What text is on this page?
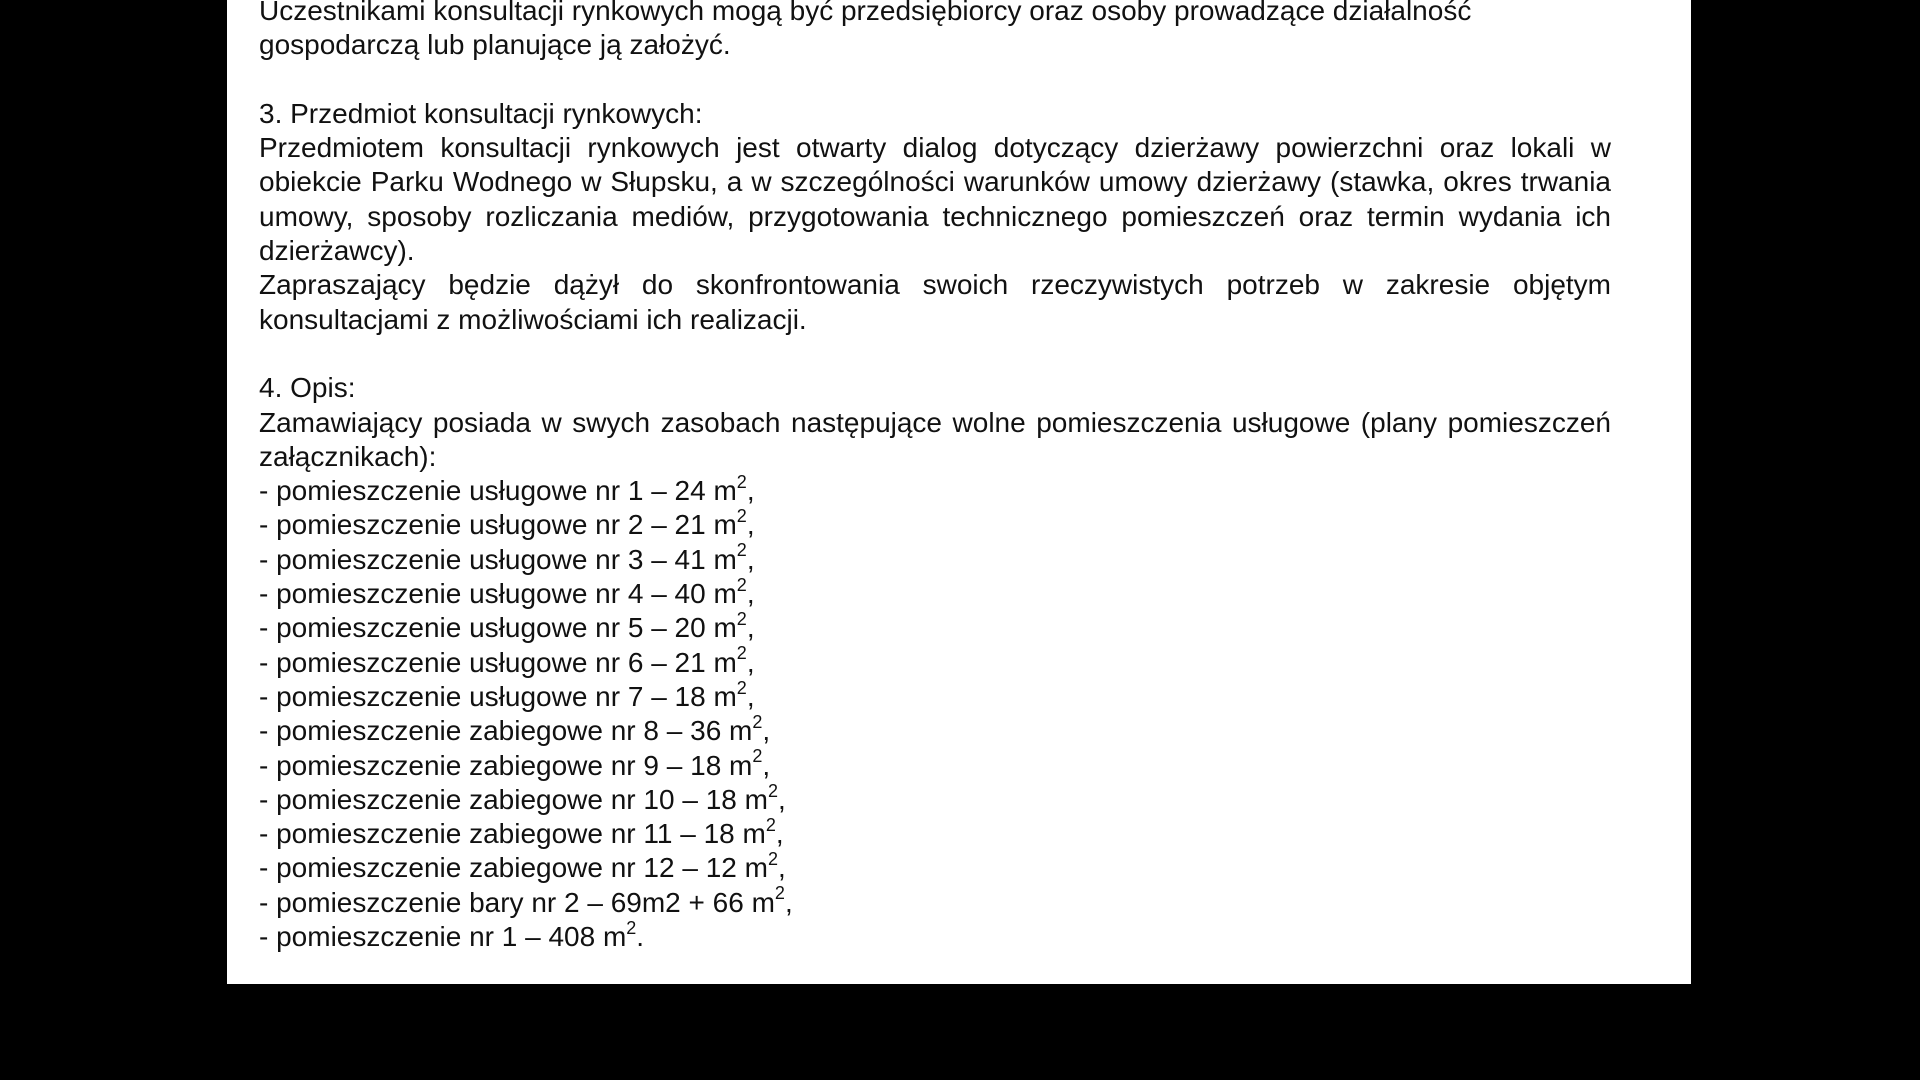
Uczestnikami konsultacji rynkowych mogą być przedsiębiorcy oraz osoby prowadzące działalność

gospodarczą lub planujące ją założyć.

3. Przedmiot konsultacji rynkowych:

Przedmiotem konsultacji rynkowych jest otwarty dialog dotyczący dzierżawy powierzchni oraz lokali w obiekcie Parku Wodnego w Słupsku, a w szczególności warunków umowy dzierżawy (stawka, okres trwania umowy, sposoby rozliczania mediów, przygotowania technicznego pomieszczeń oraz termin wydania ich dzierżawcy).

Zapraszający będzie dążył do skonfrontowania swoich rzeczywistych potrzeb w zakresie objętym konsultacjami z możliwościami ich realizacji.

4. Opis:

Zamawiający posiada w swych zasobach następujące wolne pomieszczenia usługowe (plany pomieszczeń załącznikach):

- pomieszczenie usługowe nr 1 – 24 $m^2$,
- pomieszczenie usługowe nr 2 – 21 $m^2$,
- pomieszczenie usługowe nr 3 – 41 $m^2$,
- pomieszczenie usługowe nr 4 – 40 $m^2$,
- pomieszczenie usługowe nr 5 – 20 $m^2$,
- pomieszczenie usługowe nr 6 – 21 $m^2$,
- pomieszczenie usługowe nr 7 – 18 $m^2$,
- pomieszczenie zabiegowe nr 8 – 36 $m^2$,
- pomieszczenie zabiegowe nr 9 – 18 $m^2$,
- pomieszczenie zabiegowe nr 10 – 18 $m^2$,
- pomieszczenie zabiegowe nr 11 – 18 $m^2$,
- pomieszczenie zabiegowe nr 12 – 12 $m^2$,
- pomieszczenie bary nr 2 – 69m2 + 66 $m^2$,
- pomieszczenie nr 1 – 408 $m^2$.
